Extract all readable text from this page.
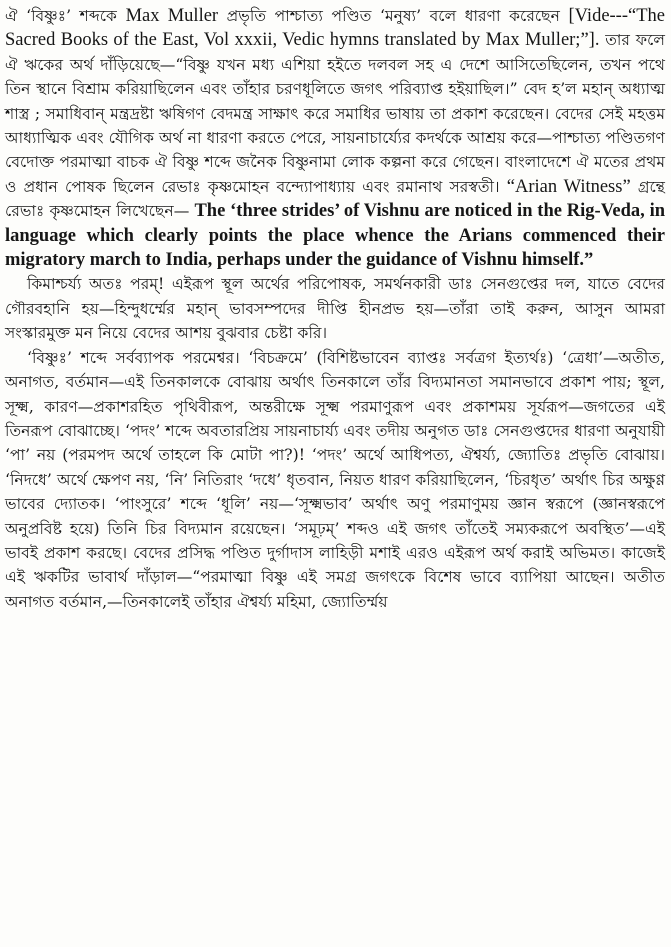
ঐ ‘বিষ্ণুঃ’ শব্দকে Max Muller প্রভৃতি পাশ্চাত্য পণ্ডিত ‘মনুষ্য’ বলে ধারণা করেছেন [Vide---“The Sacred Books of the East, Vol xxxii, Vedic hymns translated by Max Muller;”]. তার ফলে ঐ ঋকের অর্থ দাঁড়িয়েছে—“বিষ্ণু যখন মধ্য এশিয়া হইতে দলবল সহ এ দেশে আসিতেছিলেন, তখন পথে তিন স্থানে বিশ্রাম করিয়াছিলেন এবং তাঁহার চরণধূলিতে জগৎ পরিব্যাপ্ত হইয়াছিল।” বেদ হ’ল মহান্ অধ্যাত্ম শাস্ত্র ; সমাধিবান্ মন্ত্রদ্রষ্টা ঋষিগণ বেদমন্ত্র সাক্ষাৎ করে সমাধির ভাষায় তা প্রকাশ করেছেন। বেদের সেই মহত্তম আধ্যাত্মিক এবং যৌগিক অর্থ না ধারণা করতে পেরে, সায়নাচার্য্যের কদর্থকে আশ্রয় করে—পাশ্চাত্য পণ্ডিতগণ বেদোক্ত পরমাত্মা বাচক ঐ বিষ্ণু শব্দে জনৈক বিষ্ণুনামা লোক কল্পনা করে গেছেন। বাংলাদেশে ঐ মতের প্রথম ও প্রধান পোষক ছিলেন রেভাঃ কৃষ্ণমোহন বন্দ্যোপাধ্যায় এবং রমানাথ সরস্বতী। “Arian Witness” গ্রন্থে রেভাঃ কৃষ্ণমোহন লিখেছেন— The ‘three strides’ of Vishnu are noticed in the Rig-Veda, in language which clearly points the place whence the Arians commenced their migratory march to India, perhaps under the guidance of Vishnu himself.”

কিমাশ্চর্য্য অতঃ পরম্! এইরূপ স্থূল অর্থের পরিপোষক, সমর্থনকারী ডাঃ সেনগুপ্তের দল, যাতে বেদের গৌরবহানি হয়—হিন্দুধর্ম্মের মহান্ ভাবসম্পদের দীপ্তি হীনপ্রভ হয়—তাঁরা তাই করুন, আসুন আমরা সংস্কারমুক্ত মন নিয়ে বেদের আশয় বুঝবার চেষ্টা করি।

‘বিষ্ণুঃ’ শব্দে সর্বব্যাপক পরমেশ্বর। ‘বিচক্রমে’ (বিশিষ্টভাবেন ব্যাপ্তঃ সর্বত্রগ ইত্যর্থঃ) ‘ত্রেধা’—অতীত, অনাগত, বর্তমান—এই তিনকালকে বোঝায় অর্থাৎ তিনকালে তাঁর বিদ্যমানতা সমানভাবে প্রকাশ পায়; স্থূল, সূক্ষ্ম, কারণ—প্রকাশরহিত পৃথিবীরূপ, অন্তরীক্ষে সূক্ষ্ম পরমাণুরূপ এবং প্রকাশময় সূর্যরূপ—জগতের এই তিনরূপ বোঝাচ্ছে। ‘পদং’ শব্দে অবতারপ্রিয় সায়নাচার্য্য এবং তদীয় অনুগত ডাঃ সেনগুপ্তদের ধারণা অনুযায়ী ‘পা’ নয় (পরমপদ অর্থে তাহলে কি মোটা পা?)! ‘পদং’ অর্থে আধিপত্য, ঐশ্বর্য্য, জ্যোতিঃ প্রভৃতি বোঝায়। ‘নিদধে’ অর্থে ক্ষেপণ নয়, ‘নি’ নিতিরাং ‘দধে’ ধৃতবান, নিয়ত ধারণ করিয়াছিলেন, ‘চিরধৃত’ অর্থাৎ চির অক্ষুণ্ণ ভাবের দ্যোতক। ‘পাংসুরে’ শব্দে ‘ধূলি’ নয়—‘সূক্ষ্মভাব’ অর্থাৎ অণু পরমাণুময় জ্ঞান স্বরূপে (জ্ঞানস্বরূপে অনুপ্রবিষ্ট হয়ে) তিনি চির বিদ্যমান রয়েছেন। ‘সমূঢ়ম্’ শব্দও এই জগৎ তাঁতেই সম্যকরূপে অবস্থিত’—এই ভাবই প্রকাশ করছে। বেদের প্রসিদ্ধ পণ্ডিত দুর্গাদাস লাহিড়ী মশাই এরও এইরূপ অর্থ করাই অভিমত। কাজেই এই ঋকটির ভাবার্থ দাঁড়াল—“পরমাত্মা বিষ্ণু এই সমগ্র জগৎকে বিশেষ ভাবে ব্যাপিয়া আছেন। অতীত অনাগত বর্তমান,—তিনকালেই তাঁহার ঐশ্বর্য্য মহিমা, জ্যোতির্ম্ময়
